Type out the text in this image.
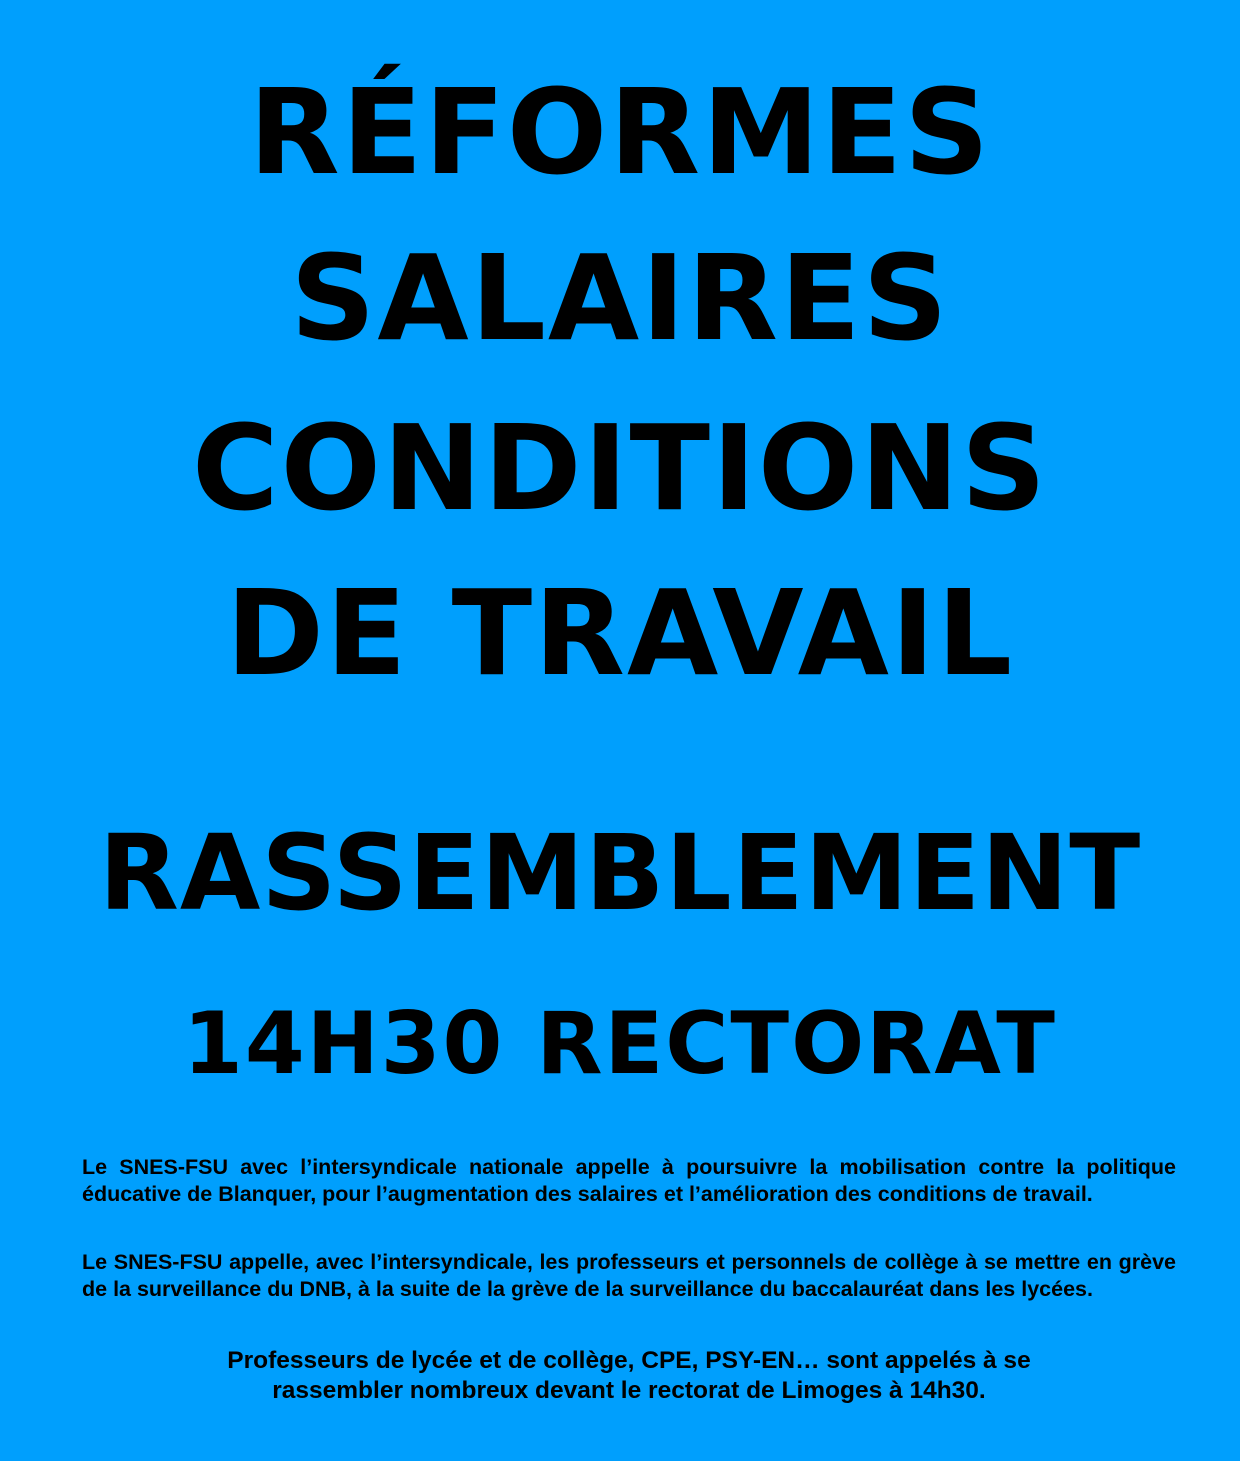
RÉFORMES
SALAIRES
CONDITIONS
DE TRAVAIL
RASSEMBLEMENT
14H30 RECTORAT

Le SNES-FSU avec l’intersyndicale nationale appelle à poursuivre la mobilisation contre la politique éducative de Blanquer, pour l’augmentation des salaires et l’amélioration des conditions de travail.

Le SNES-FSU appelle, avec l’intersyndicale, les professeurs et personnels de collège à se mettre en grève de la surveillance du DNB, à la suite de la grève de la surveillance du baccalauréat dans les lycées.

Professeurs de lycée et de collège, CPE, PSY-EN… sont appelés à se
rassembler nombreux devant le rectorat de Limoges à 14h30.
